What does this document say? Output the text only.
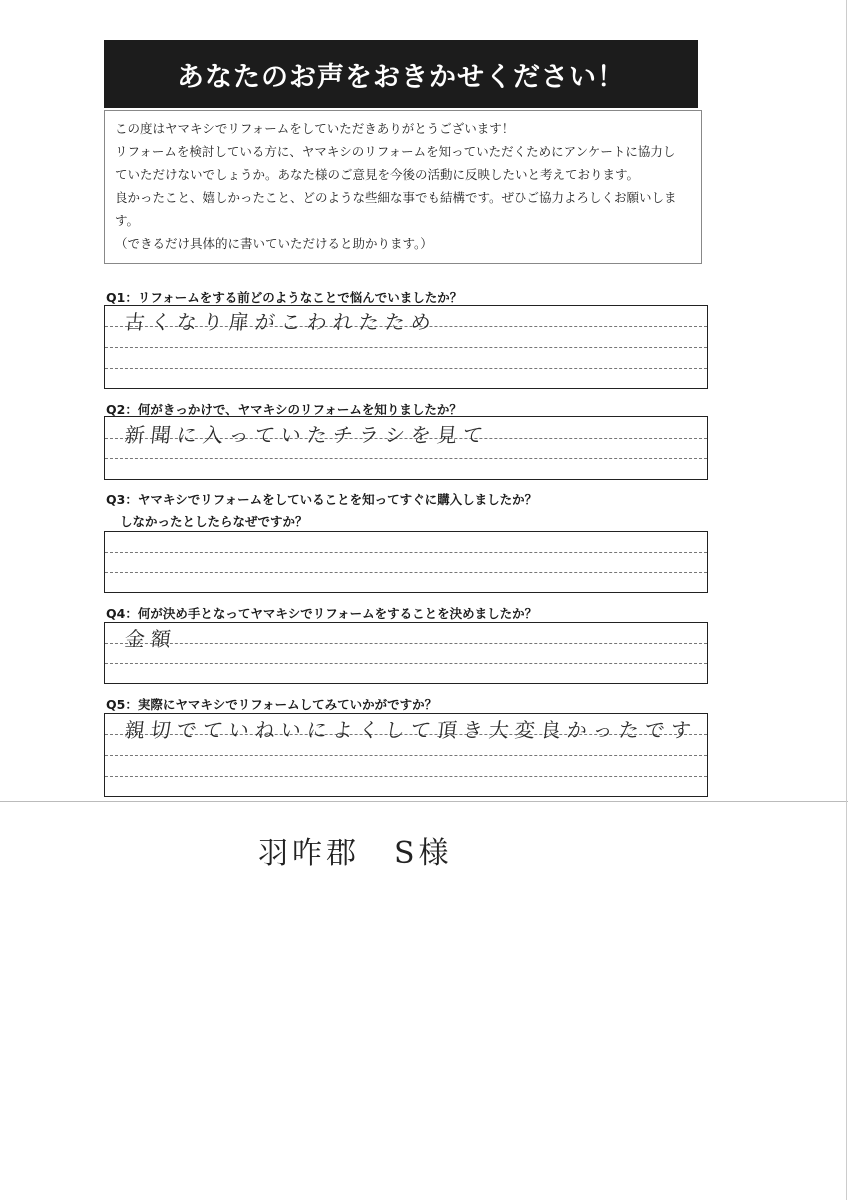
あなたのお声をおきかせください！

この度はヤマキシでリフォームをしていただきありがとうございます！

リフォームを検討している方に、ヤマキシのリフォームを知っていただくためにアンケートに協力し

ていただけないでしょうか。あなた様のご意見を今後の活動に反映したいと考えております。

良かったこと、嬉しかったこと、どのような些細な事でも結構です。ぜひご協力よろしくお願いしま

す。

（できるだけ具体的に書いていただけると助かります。）

Q1：リフォームをする前どのようなことで悩んでいましたか？
古くなり扉がこわれたため
Q2：何がきっかけで、ヤマキシのリフォームを知りましたか？
新聞に入っていたチラシを見て
Q3：ヤマキシでリフォームをしていることを知ってすぐに購入しましたか？
しなかったとしたらなぜですか？
Q4：何が決め手となってヤマキシでリフォームをすることを決めましたか？
金額
Q5：実際にヤマキシでリフォームしてみていかがですか？
親切でていねいによくして頂き大変良かったです
羽咋郡　S様
